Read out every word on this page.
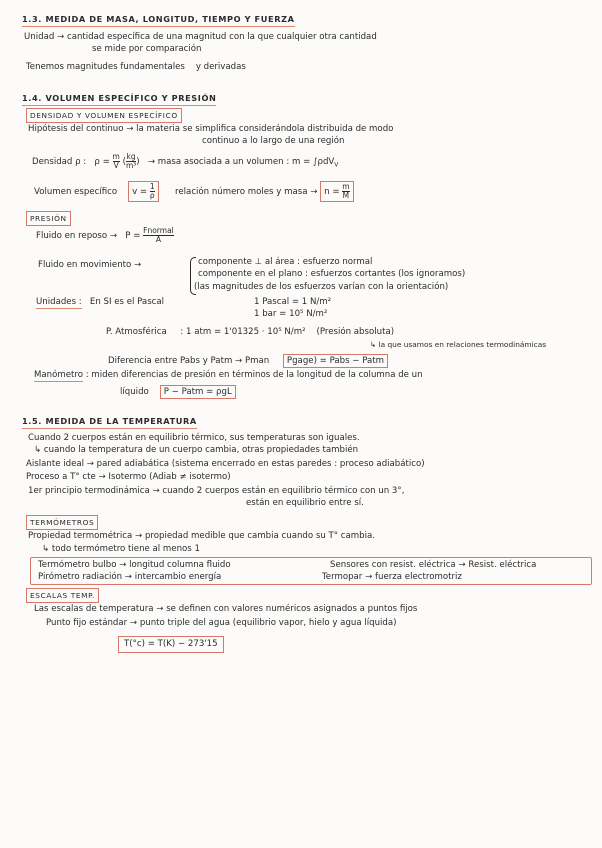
1.3. MEDIDA DE MASA, LONGITUD, TIEMPO Y FUERZA
Unidad → cantidad específica de una magnitud con la que cualquier otra cantidad
se mide por comparación
Tenemos magnitudes fundamentales y derivadas
1.4. VOLUMEN ESPECÍFICO Y PRESIÓN
DENSIDAD Y VOLUMEN ESPECÍFICO
Hipótesis del continuo → la materia se simplifica considerándola distribuida de modo
continuo a lo largo de una región
Densidad ρ : $\rho = \frac{m}{V}$ ( $\frac{kg}{\text{m³}}$ )   → masa asociada a un volumen : m = ∫ρdV$_V$
Volumen específico $v = \frac{1}{\rho}$ relación número moles y masa → $n = \frac{m}{M}$
PRESIÓN
Fluido en reposo → $P = \frac{\text{Fnormal}}{A}$
Fluido en movimiento →	componente ⊥ al área : esfuerzo normal
componente en el plano : esfuerzos cortantes (los ignoramos)
(las magnitudes de los esfuerzos varían con la orientación)
Unidades : En SI es el Pascal	1 Pascal = 1 N/m²
1 bar = 10⁵ N/m²
P. Atmosférica : 1 atm = 1'01325 · 10⁵ N/m² (Presión absoluta)
↳ la que usamos en relaciones termodinámicas
Diferencia entre Pabs y Patm → Pman Pgage) = Pabs − Patm
Manómetro : miden diferencias de presión en términos de la longitud de la columna de un
líquido P − Patm = ρgL
1.5. MEDIDA DE LA TEMPERATURA
Cuando 2 cuerpos están en equilibrio térmico, sus temperaturas son iguales.
↳ cuando la temperatura de un cuerpo cambia, otras propiedades también
Aislante ideal → pared adiabática (sistema encerrado en estas paredes : proceso adiabático)
Proceso a T° cte → Isotermo (Adiab ≠ isotermo)
1er principio termodinámica → cuando 2 cuerpos están en equilibrio térmico con un 3°,
están en equilibrio entre sí.
TERMÓMETROS
Propiedad termométrica → propiedad medible que cambia cuando su T° cambia.
↳ todo termómetro tiene al menos 1
Termómetro bulbo → longitud columna fluido	Sensores con resist. eléctrica → Resist. eléctrica
Pirómetro radiación → intercambio energía	Termopar → fuerza electromotriz
ESCALAS TEMP.
Las escalas de temperatura → se definen con valores numéricos asignados a puntos fijos
Punto fijo estándar → punto triple del agua (equilibrio vapor, hielo y agua líquida)
T(°c) = T(K) − 273'15
